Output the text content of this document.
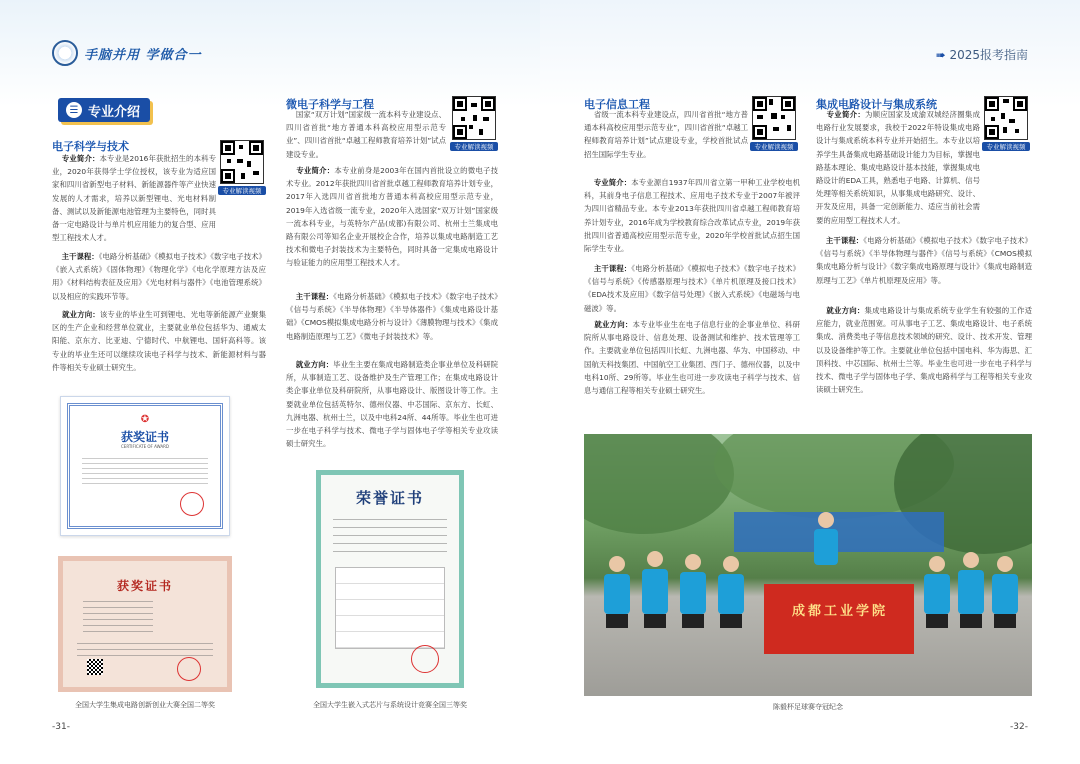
手脑并用 学做合一
☰ 专业介绍
电子科学与技术
专业解读视频
专业简介：本专业是2016年获批招生的本科专业，2020年获得学士学位授权，该专业为适应国家和四川省新型电子材料、新能源器件等产业快速发展的人才需求，培养以新型锂电、光电材料制备、测试以及新能源电池管理为主要特色，同时具备一定电路设计与单片机应用能力的复合型、应用型工程技术人才。
主干课程：《电路分析基础》《模拟电子技术》《数字电子技术》《嵌入式系统》《固体物理》《物理化学》《电化学原理方法及应用》《材料结构表征及应用》《光电材料与器件》《电池管理系统》以及相应的实践环节等。
就业方向：该专业的毕业生可到锂电、光电等新能源产业聚集区的生产企业和经营单位就业，主要就业单位包括华为、通威太阳能、京东方、比亚迪、宁德时代、中航锂电、国轩高科等。该专业的毕业生还可以继续攻读电子科学与技术、新能源材料与器件等相关专业硕士研究生。
✪
获奖证书
CERTIFICATE OF AWARD
获奖证书
全国大学生集成电路创新创业大赛全国二等奖
微电子科学与工程
专业解读视频
国家“双万计划”国家级一流本科专业建设点、四川省首批“地方普通本科高校应用型示范专业”、四川省首批“卓越工程师教育培养计划”试点建设专业。
专业简介：本专业前身是2003年在国内首批设立的微电子技术专业。2012年获批四川省首批卓越工程师教育培养计划专业，2017年入选四川省首批地方普通本科高校应用型示范专业，2019年入选省级一流专业，2020年入选国家“双万计划”国家级一流本科专业，与英特尔产品(成都)有限公司、杭州士兰集成电路有限公司等知名企业开展校企合作，培养以集成电路制造工艺技术和微电子封装技术为主要特色，同时具备一定集成电路设计与验证能力的应用型工程技术人才。
主干课程：《电路分析基础》《模拟电子技术》《数字电子技术》《信号与系统》《半导体物理》《半导体器件》《集成电路设计基础》《CMOS模拟集成电路分析与设计》《薄膜物理与技术》《集成电路制造原理与工艺》《微电子封装技术》等。
就业方向：毕业生主要在集成电路制造类企事业单位及科研院所，从事制造工艺、设备维护及生产管理工作；在集成电路设计类企事业单位及科研院所，从事电路设计、版图设计等工作。主要就业单位包括英特尔、德州仪器、中芯国际、京东方、长虹、九洲电器、杭州士兰，以及中电科24所、44所等。毕业生也可进一步在电子科学与技术、微电子学与固体电子学等相关专业攻读硕士研究生。
荣誉证书
全国大学生嵌入式芯片与系统设计竞赛全国三等奖
-31-
➠ 2025报考指南
电子信息工程
专业解读视频
省级一流本科专业建设点，四川省首批“地方普通本科高校应用型示范专业”，四川省首批“卓越工程师教育培养计划”试点建设专业，学校首批试点招生国际学生专业。
专业简介：本专业源自1937年四川省立第一甲种工业学校电机科，其前身电子信息工程技术、应用电子技术专业于2007年被评为四川省精品专业。本专业2013年获批四川省卓越工程师教育培养计划专业，2016年成为学校教育综合改革试点专业，2019年获批四川省普通高校应用型示范专业，2020年学校首批试点招生国际学生专业。
主干课程：《电路分析基础》《模拟电子技术》《数字电子技术》《信号与系统》《传感器原理与技术》《单片机原理及接口技术》《EDA技术及应用》《数字信号处理》《嵌入式系统》《电磁场与电磁波》等。
就业方向：本专业毕业生在电子信息行业的企事业单位、科研院所从事电路设计、信息处理、设备测试和维护、技术管理等工作。主要就业单位包括四川长虹、九洲电器、华为、中国移动、中国航天科技集团、中国航空工业集团、西门子、德州仪器，以及中电科10所、29所等。毕业生也可进一步攻读电子科学与技术、信息与通信工程等相关专业硕士研究生。
集成电路设计与集成系统
专业解读视频
专业简介：为顺应国家及成渝双城经济圈集成电路行业发展要求，我校于2022年特设集成电路设计与集成系统本科专业并开始招生。本专业以培养学生具备集成电路基础设计能力为目标，掌握电路基本理论、集成电路设计基本技能，掌握集成电路设计的EDA工具，熟悉电子电路、计算机、信号处理等相关系统知识，从事集成电路研究、设计、开发及应用，具备一定创新能力、适应当前社会需要的应用型工程技术人才。
主干课程：《电路分析基础》《模拟电子技术》《数字电子技术》《信号与系统》《半导体物理与器件》《信号与系统》《CMOS模拟集成电路分析与设计》《数字集成电路原理与设计》《集成电路制造原理与工艺》《单片机原理及应用》等。
就业方向：集成电路设计与集成系统专业学生有较强的工作适应能力，就业范围宽。可从事电子工艺、集成电路设计、电子系统集成、消费类电子等信息技术领域的研究、设计、技术开发、管理以及设备维护等工作。主要就业单位包括中国电科、华为海思、汇顶科技、中芯国际、杭州士兰等。毕业生也可进一步在电子科学与技术、微电子学与固体电子学、集成电路科学与工程等相关专业攻读硕士研究生。
成都工业学院
陈毅杯足球赛夺冠纪念
-32-
